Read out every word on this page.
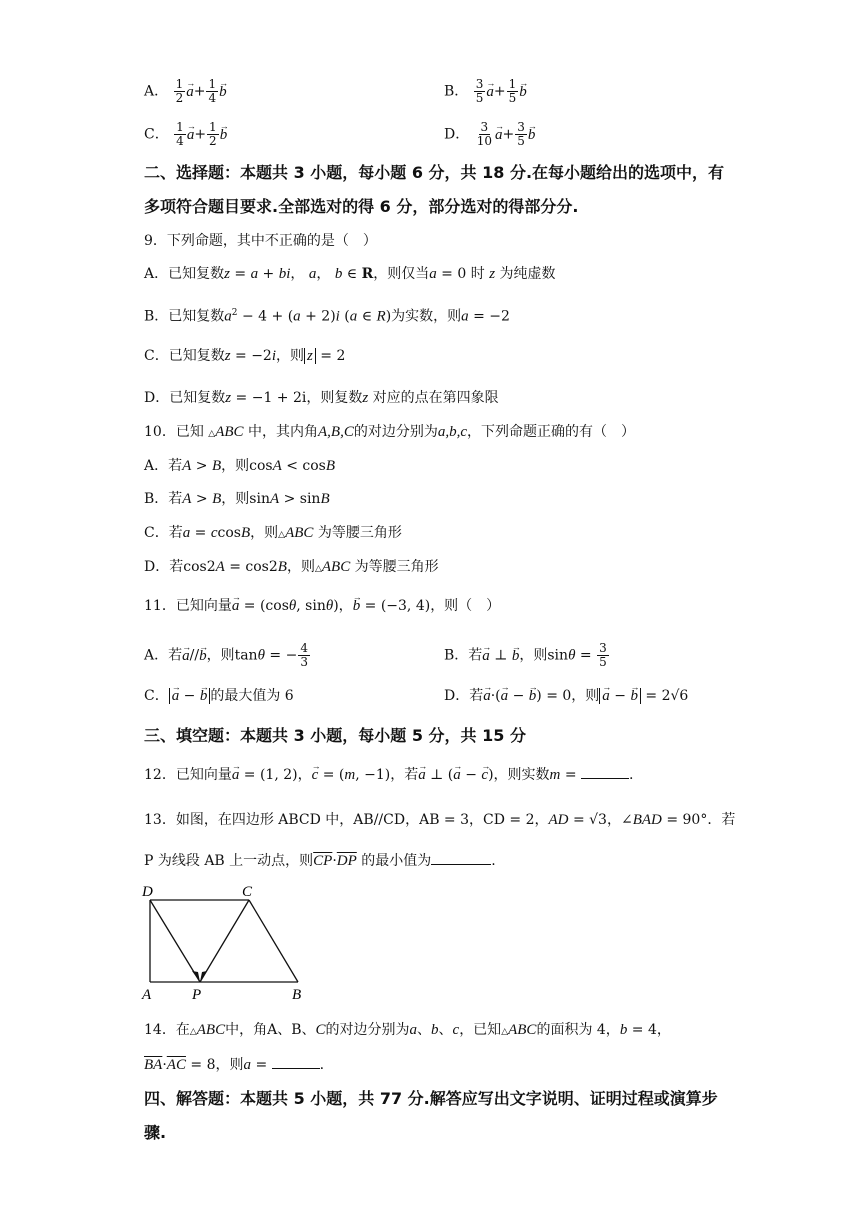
A． $\frac{1}{2} \to a+ \frac{1}{4} \to b$	B． $\frac{3}{5} \to a+ \frac{1}{5} \to b$
C． $\frac{1}{4} \to a+ \frac{1}{2} \to b$	D． $\frac{3}{10} \to a+ \frac{3}{5} \to b$
二、选择题：本题共 3 小题，每小题 6 分，共 18 分.在每小题给出的选项中，有多项符合题目要求.全部选对的得 6 分，部分选对的得部分分.
9．下列命题，其中不正确的是（　）
A．已知复数z = a + bi， a， b ∈ R，则仅当a = 0 时 z 为纯虚数
B．已知复数$a^2 - 4 + (a + 2)i$ (a ∈ R)为实数，则a = −2
C．已知复数z = −2i，则 z = 2
D．已知复数z = −1 + 2i，则复数z 对应的点在第四象限
10．已知 △ABC 中，其内角A,B,C的对边分别为a,b,c，下列命题正确的有（　）
A．若A > B，则cosA < cosB
B．若A > B，则sinA > sinB
C．若a = ccosB，则△ABC 为等腰三角形
D．若cos2A = cos2B，则△ABC 为等腰三角形
11．已知向量→ a = (cosθ, sinθ)，→ b = (−3, 4)，则（　）
A．若→ a//→ b，则tanθ = − $\frac{4}{3}$	B．若→ a ⊥ → b，则$\sin\theta = \frac{3}{5}$
C． → a − → b 的最大值为 6	D．若→ a·(→ a − → b) = 0，则 → a − → b = 2√6
三、填空题：本题共 3 小题，每小题 5 分，共 15 分
12．已知向量→ a = (1, 2)，→ c = (m, −1)，若→ a ⊥ (→ a − → c)，则实数m =	.
13．如图，在四边形 ABCD 中，AB//CD，AB = 3，CD = 2，AD = √3，∠BAD = 90°．若
P 为线段 AB 上一动点，则$\overline{CP}\cdot\overline{DP}$ 的最小值为	.
D	C
A	P	B
14．在△ABC中，角A、B、C的对边分别为a、b、c，已知△ABC的面积为 4，b = 4，
$\overline{BA}\cdot\overline{AC} = 8$，则a =	.
四、解答题：本题共 5 小题，共 77 分.解答应写出文字说明、证明过程或演算步骤.
